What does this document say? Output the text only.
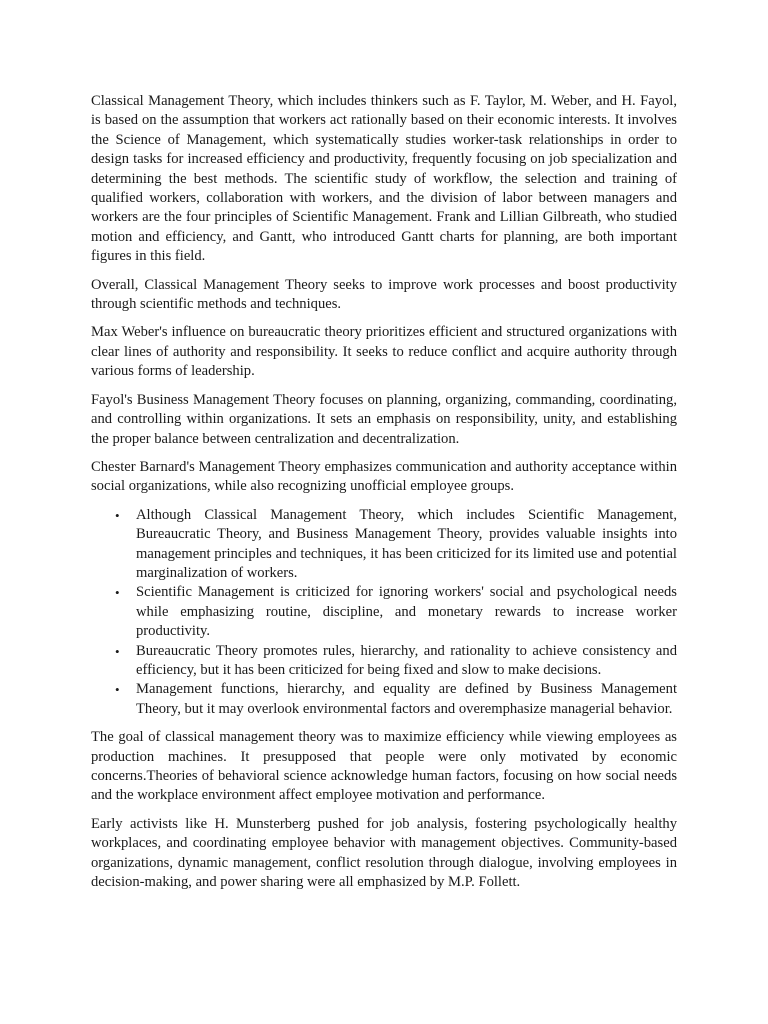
Classical Management Theory, which includes thinkers such as F. Taylor, M. Weber, and H. Fayol, is based on the assumption that workers act rationally based on their economic interests. It involves the Science of Management, which systematically studies worker-task relationships in order to design tasks for increased efficiency and productivity, frequently focusing on job specialization and determining the best methods. The scientific study of workflow, the selection and training of qualified workers, collaboration with workers, and the division of labor between managers and workers are the four principles of Scientific Management. Frank and Lillian Gilbreath, who studied motion and efficiency, and Gantt, who introduced Gantt charts for planning, are both important figures in this field.

Overall, Classical Management Theory seeks to improve work processes and boost productivity through scientific methods and techniques.

Max Weber's influence on bureaucratic theory prioritizes efficient and structured organizations with clear lines of authority and responsibility. It seeks to reduce conflict and acquire authority through various forms of leadership.

Fayol's Business Management Theory focuses on planning, organizing, commanding, coordinating, and controlling within organizations. It sets an emphasis on responsibility, unity, and establishing the proper balance between centralization and decentralization.

Chester Barnard's Management Theory emphasizes communication and authority acceptance within social organizations, while also recognizing unofficial employee groups.

• Although Classical Management Theory, which includes Scientific Management, Bureaucratic Theory, and Business Management Theory, provides valuable insights into management principles and techniques, it has been criticized for its limited use and potential marginalization of workers.
• Scientific Management is criticized for ignoring workers' social and psychological needs while emphasizing routine, discipline, and monetary rewards to increase worker productivity.
• Bureaucratic Theory promotes rules, hierarchy, and rationality to achieve consistency and efficiency, but it has been criticized for being fixed and slow to make decisions.
• Management functions, hierarchy, and equality are defined by Business Management Theory, but it may overlook environmental factors and overemphasize managerial behavior.

The goal of classical management theory was to maximize efficiency while viewing employees as production machines. It presupposed that people were only motivated by economic concerns.Theories of behavioral science acknowledge human factors, focusing on how social needs and the workplace environment affect employee motivation and performance.

Early activists like H. Munsterberg pushed for job analysis, fostering psychologically healthy workplaces, and coordinating employee behavior with management objectives. Community-based organizations, dynamic management, conflict resolution through dialogue, involving employees in decision-making, and power sharing were all emphasized by M.P. Follett.
